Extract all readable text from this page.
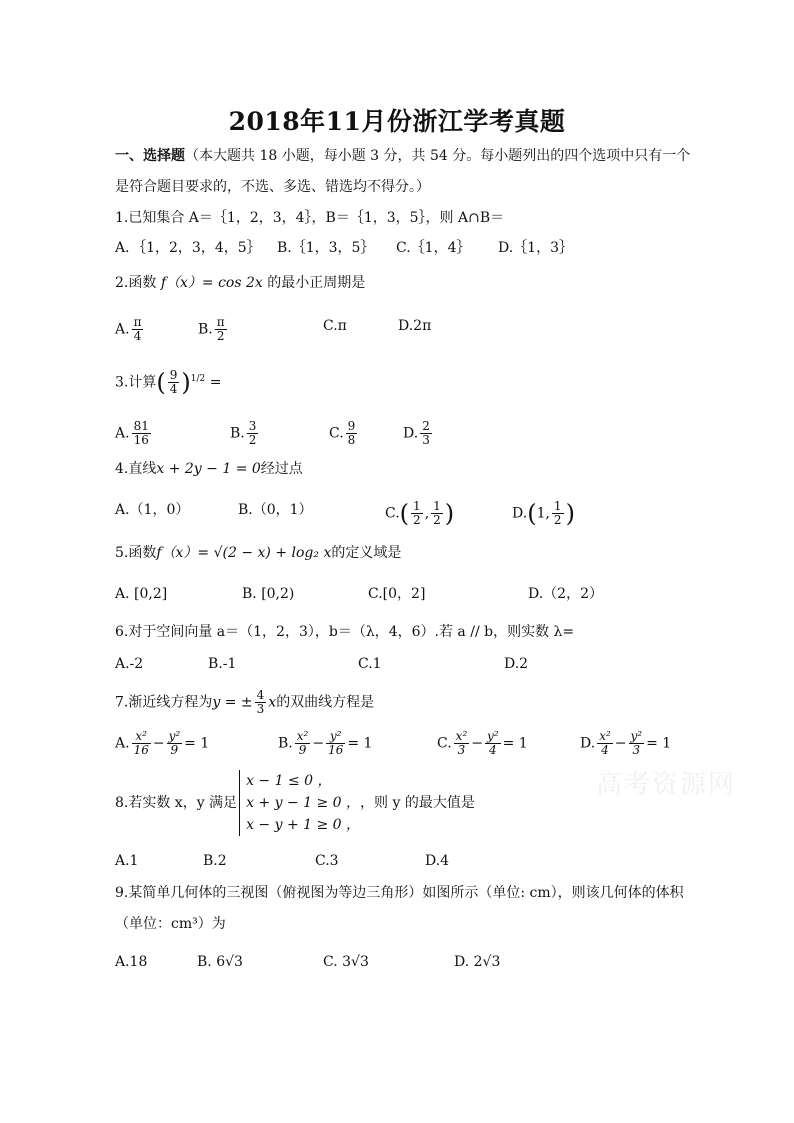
2018年11月份浙江学考真题
一、选择题（本大题共 18 小题，每小题 3 分，共 54 分。每小题列出的四个选项中只有一个
是符合题目要求的，不选、多选、错选均不得分。）
1.已知集合 A＝｛1，2，3，4｝，B＝｛1，3，5｝，则 A∩B＝
A．｛1，2，3，4，5｝ B.｛1，3，5｝ C.｛1，4｝ D.｛1，3｝
2.函数 f（x）= cos 2x 的最小正周期是
A. $\frac{\pi}{4}$	B. $\frac{\pi}{2}$	C.π	D.2π
3.计算( $\frac{9}{4} )^{1/2}$ =
A. $\frac{81}{16}$	B. $\frac{3}{2}$	C. $\frac{9}{8}$	D. $\frac{2}{3}$
4.直线x + 2y − 1 = 0经过点
A.（1，0）	B.（0，1）	$C.( \frac{1}{2}$ , $\frac{1}{2}$ )	D.(1, $\frac{1}{2}$ )
5.函数f（x）= √(2 − x) + log₂ x的定义域是
A. [0,2]	B. [0,2)	C.[0，2]	D.（2，2）
6.对于空间向量 a＝（1，2，3），b＝（λ，4，6）.若 a // b，则实数 λ=
A.-2	B.-1	C.1	D.2
7.渐近线方程为y = ± $\frac{4}{3}$ x的双曲线方程是
A. $\frac{\text{x²}}{16} - \frac{\text{y²}}{9} = 1$	B. $\frac{\text{x²}}{9} - \frac{\text{y²}}{16} = 1$	C. $\frac{\text{x²}}{3} - \frac{\text{y²}}{4} = 1$	D. $\frac{\text{x²}}{4} - \frac{\text{y²}}{3} = 1$
高考资源网
8.若实数 x，y 满足
x − 1 ≤ 0 ，
x + y − 1 ≥ 0 ，
x − y + 1 ≥ 0 ，
，则 y 的最大值是
A.1	B.2	C.3	D.4
9.某简单几何体的三视图（俯视图为等边三角形）如图所示（单位: cm），则该几何体的体积
（单位：cm³）为
A.18	B. 6√3	C. 3√3	D. 2√3
